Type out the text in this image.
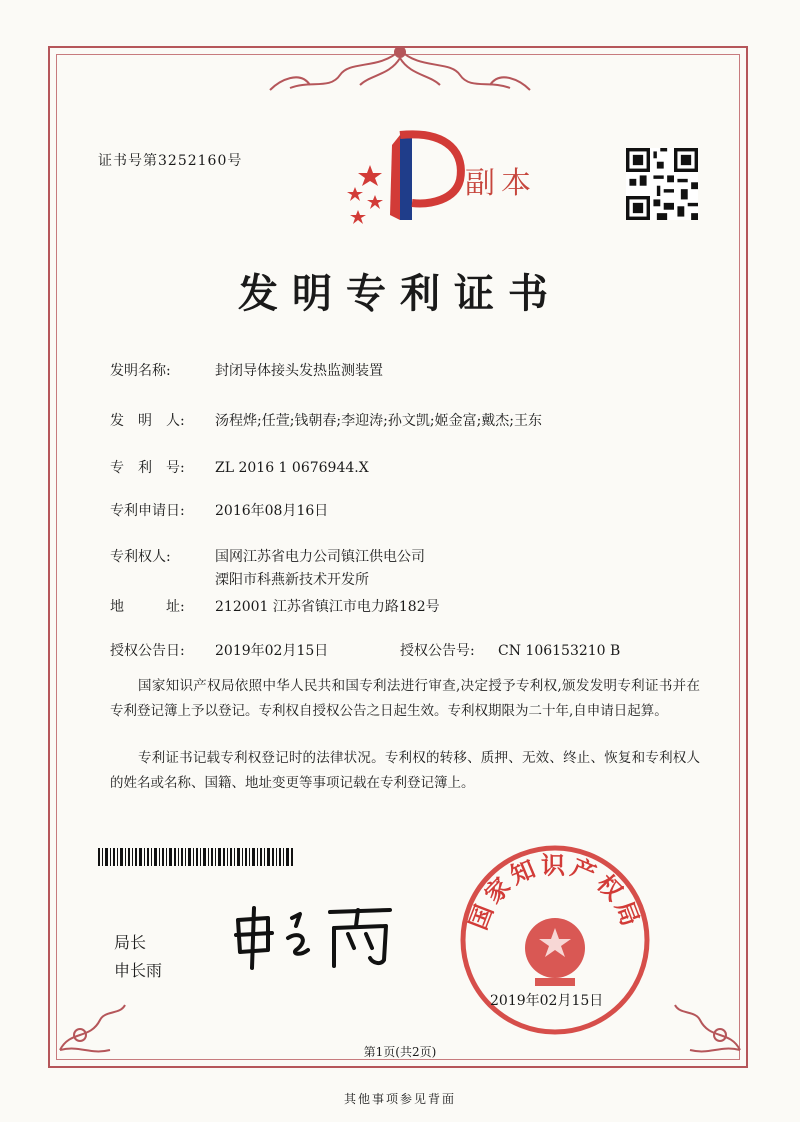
证书号第3252160号
副本
发明专利证书
发明名称:	封闭导体接头发热监测装置
发　明　人: 汤程烨;任萱;钱朝春;李迎涛;孙文凯;姬金富;戴杰;王东
专　利　号: ZL 2016 1 0676944.X
专利申请日: 2016年08月16日
专利权人:	国网江苏省电力公司镇江供电公司
溧阳市科燕新技术开发所
地　　　址: 212001 江苏省镇江市电力路182号
授权公告日: 2019年02月15日	授权公告号: CN 106153210 B
国家知识产权局依照中华人民共和国专利法进行审查,决定授予专利权,颁发发明专利证书并在专利登记簿上予以登记。专利权自授权公告之日起生效。专利权期限为二十年,自申请日起算。
专利证书记载专利权登记时的法律状况。专利权的转移、质押、无效、终止、恢复和专利权人的姓名或名称、国籍、地址变更等事项记载在专利登记簿上。
局长
申长雨
国家知识产权局
2019年02月15日
第1页(共2页)
其他事项参见背面
